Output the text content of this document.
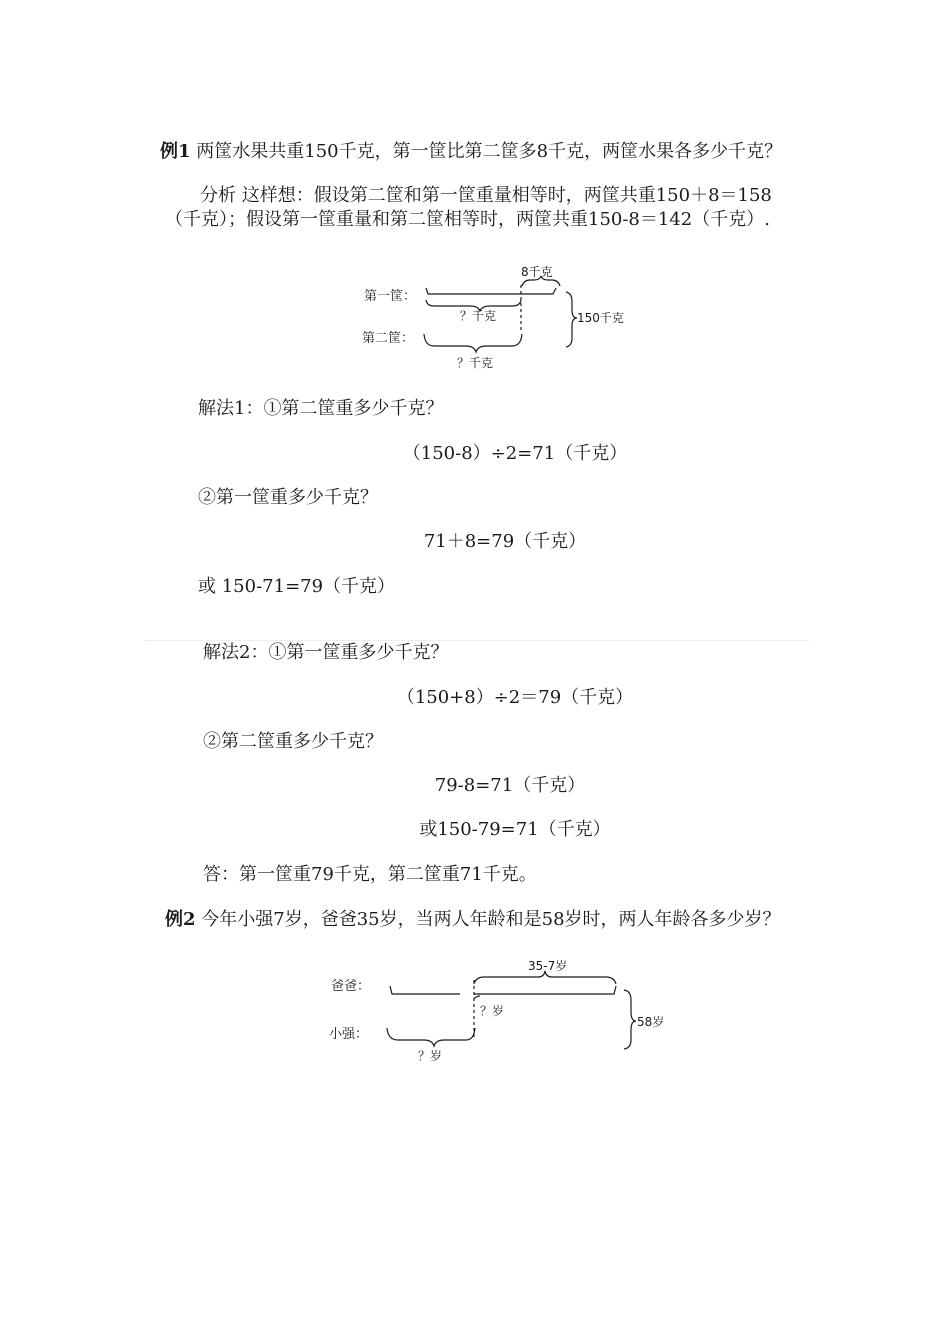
例1 两筐水果共重150千克，第一筐比第二筐多8千克，两筐水果各多少千克？
分析 这样想：假设第二筐和第一筐重量相等时，两筐共重150＋8＝158
（千克）；假设第一筐重量和第二筐相等时，两筐共重150-8＝142（千克）.
第一筐：
第二筐：
8千克
150千克
？千克
？千克
爸爸：
小强：
35-7岁
58岁
？岁
？岁
解法1：①第二筐重多少千克？
（150-8）÷2=71（千克）
②第一筐重多少千克？
71＋8=79（千克）
或 150-71=79（千克）
解法2：①第一筐重多少千克？
（150+8）÷2＝79（千克）
②第二筐重多少千克？
79-8=71（千克）
或150-79=71（千克）
答：第一筐重79千克，第二筐重71千克。
例2 今年小强7岁，爸爸35岁，当两人年龄和是58岁时，两人年龄各多少岁？
